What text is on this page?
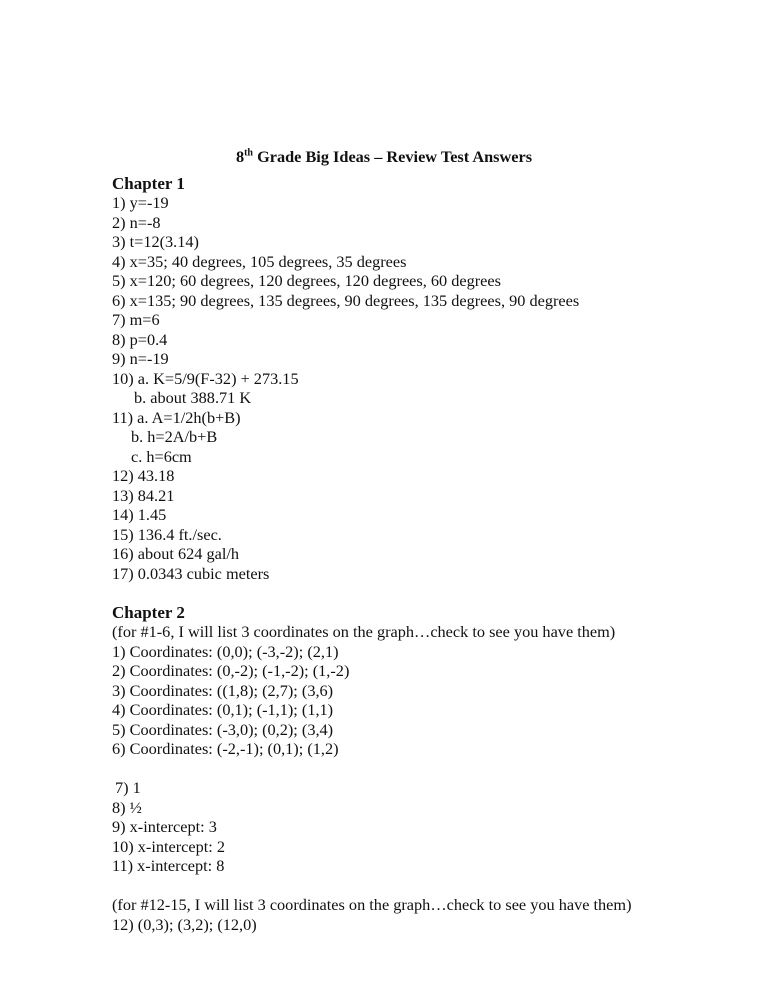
8th Grade Big Ideas – Review Test Answers
Chapter 1
1) y=-19
2) n=-8
3) t=12(3.14)
4) x=35; 40 degrees, 105 degrees, 35 degrees
5) x=120; 60 degrees, 120 degrees, 120 degrees, 60 degrees
6) x=135; 90 degrees, 135 degrees, 90 degrees, 135 degrees, 90 degrees
7) m=6
8) p=0.4
9) n=-19
10) a. K=5/9(F-32) + 273.15
b. about 388.71 K
11) a. A=1/2h(b+B)
b. h=2A/b+B
c. h=6cm
12) 43.18
13) 84.21
14) 1.45
15) 136.4 ft./sec.
16) about 624 gal/h
17) 0.0343 cubic meters
Chapter 2
(for #1-6, I will list 3 coordinates on the graph…check to see you have them)
1) Coordinates: (0,0); (-3,-2); (2,1)
2) Coordinates: (0,-2); (-1,-2); (1,-2)
3) Coordinates: ((1,8); (2,7); (3,6)
4) Coordinates: (0,1); (-1,1); (1,1)
5) Coordinates: (-3,0); (0,2); (3,4)
6) Coordinates: (-2,-1); (0,1); (1,2)
7) 1
8) ½
9) x-intercept: 3
10) x-intercept: 2
11) x-intercept: 8
(for #12-15, I will list 3 coordinates on the graph…check to see you have them)
12) (0,3); (3,2); (12,0)
